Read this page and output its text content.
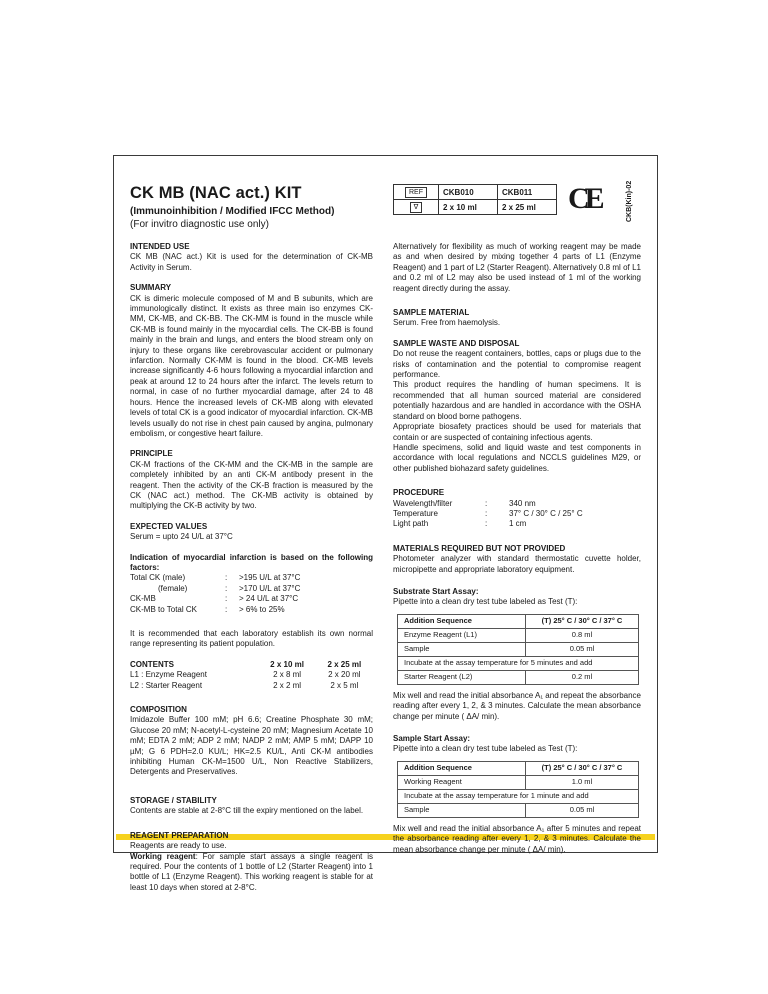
CK MB (NAC act.) KIT
(Immunoinhibition / Modified IFCC Method)
(For invitro diagnostic use only)
REF	CKB010	CKB011
∇	2 x 10 ml	2 x 25 ml CE	CKB(Kin)-02
INTENDED USE

CK MB (NAC act.) Kit is used for the determination of CK-MB Activity in Serum.

SUMMARY

CK is dimeric molecule composed of M and B subunits, which are immunologically distinct. It exists as three main iso enzymes CK-MM, CK-MB, and CK-BB. The CK-MM is found in the muscle while CK-MB is found mainly in the myocardial cells. The CK-BB is found mainly in the brain and lungs, and enters the blood stream only on injury to these organs like cerebrovascular accident or pulmonary infarction. Normally CK-MM is found in the blood. CK-MB levels increase significantly 4-6 hours following a myocardial infarction and peak at around 12 to 24 hours after the infarct. The levels return to normal, in case of no further myocardial damage, after 24 to 48 hours. Hence the increased levels of CK-MB along with elevated levels of total CK is a good indicator of myocardial infarction. CK-MB levels usually do not rise in chest pain caused by angina, pulmonary embolism, or congestive heart failure.

PRINCIPLE

CK-M fractions of the CK-MM and the CK-MB in the sample are completely inhibited by an anti CK-M antibody present in the reagent. Then the activity of the CK-B fraction is measured by the CK (NAC act.) method. The CK-MB activity is obtained by multiplying the CK-B activity by two.

EXPECTED VALUES

Serum = upto 24 U/L at 37°C

Indication of myocardial infarction is based on the following factors:
Total CK (male)	:	>195 U/L at 37°C
(female)	:	>170 U/L at 37°C
CK-MB	:	> 24 U/L at 37°C
CK-MB to Total CK	:	> 6% to 25%

It is recommended that each laboratory establish its own normal range representing its patient population.

CONTENTS	2 x 10 ml	2 x 25 ml
L1 : Enzyme Reagent	2 x 8 ml	2 x 20 ml
L2 : Starter Reagent	2 x 2 ml	2 x 5 ml
COMPOSITION

Imidazole Buffer 100 mM; pH 6.6; Creatine Phosphate 30 mM; Glucose 20 mM; N-acetyl-L-cysteine 20 mM; Magnesium Acetate 10 mM; EDTA 2 mM; ADP 2 mM; NADP 2 mM; AMP 5 mM; DAPP 10 µM; G 6 PDH=2.0 KU/L; HK=2.5 KU/L, Anti CK-M antibodies inhibiting Human CK-M=1500 U/L, Non Reactive Stabilizers, Detergents and Preservatives.

STORAGE / STABILITY

Contents are stable at 2-8°C till the expiry mentioned on the label.

REAGENT PREPARATION

Reagents are ready to use.

Working reagent: For sample start assays a single reagent is required. Pour the contents of 1 bottle of L2 (Starter Reagent) into 1 bottle of L1 (Enzyme Reagent). This working reagent is stable for at least 10 days when stored at 2-8°C.

Alternatively for flexibility as much of working reagent may be made as and when desired by mixing together 4 parts of L1 (Enzyme Reagent) and 1 part of L2 (Starter Reagent). Alternatively 0.8 ml of L1 and 0.2 ml of L2 may also be used instead of 1 ml of the working reagent directly during the assay.

SAMPLE MATERIAL

Serum. Free from haemolysis.

SAMPLE WASTE AND DISPOSAL

Do not reuse the reagent containers, bottles, caps or plugs due to the risks of contamination and the potential to compromise reagent performance.

This product requires the handling of human specimens. It is recommended that all human sourced material are considered potentially hazardous and are handled in accordance with the OSHA standard on blood borne pathogens.

Appropriate biosafety practices should be used for materials that contain or are suspected of containing infectious agents.

Handle specimens, solid and liquid waste and test components in accordance with local regulations and NCCLS guidelines M29, or other published biohazard safety guidelines.

PROCEDURE
Wavelength/filter	:	340 nm
Temperature	:	37° C / 30° C / 25° C
Light path	:	1 cm
MATERIALS REQUIRED BUT NOT PROVIDED

Photometer analyzer with standard thermostatic cuvette holder, micropipette and appropriate laboratory equipment.

Substrate Start Assay:

Pipette into a clean dry test tube labeled as Test (T):

Addition Sequence	(T) 25° C / 30° C / 37° C
Enzyme Reagent (L1)	0.8 ml
Sample	0.05 ml
Incubate at the assay temperature for 5 minutes and add	
Starter Reagent (L2)	0.2 ml

Mix well and read the initial absorbance A₁ and repeat the absorbance reading after every 1, 2, & 3 minutes. Calculate the mean absorbance change per minute ( ΔA/ min).

Sample Start Assay:

Pipette into a clean dry test tube labeled as Test (T):

Addition Sequence	(T) 25° C / 30° C / 37° C
Working Reagent	1.0 ml
Incubate at the assay temperature for 1 minute and add	
Sample	0.05 ml

Mix well and read the initial absorbance A₁ after 5 minutes and repeat the absorbance reading after every 1, 2, & 3 minutes. Calculate the mean absorbance change per minute ( ΔA/ min).
